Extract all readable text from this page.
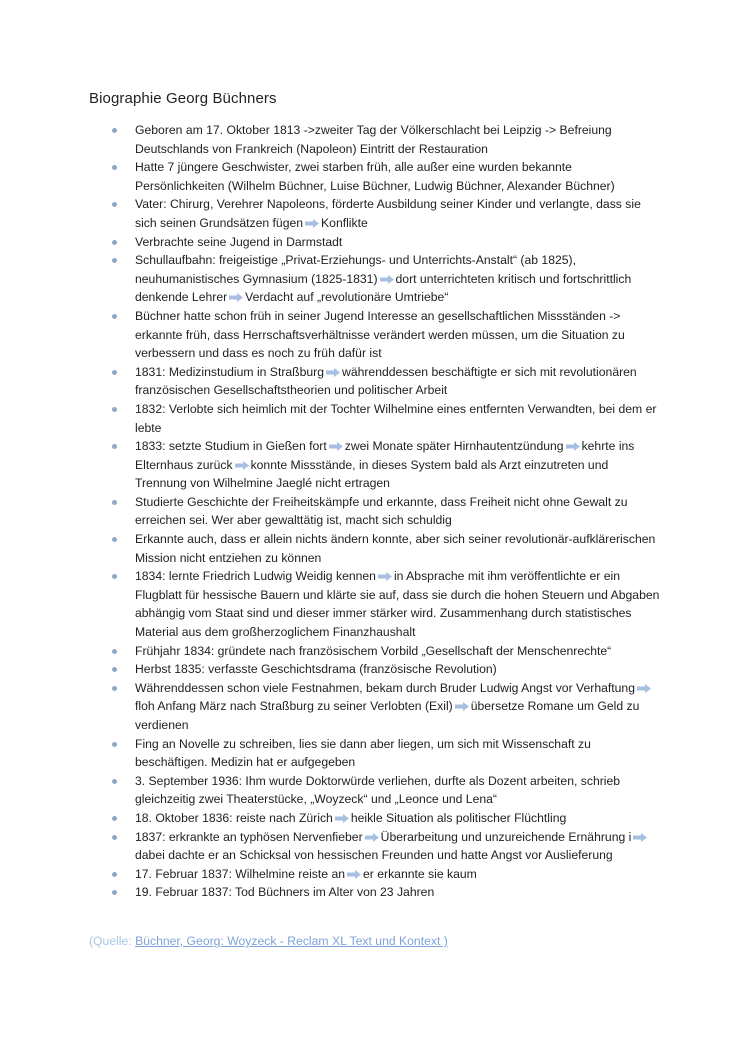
Biographie Georg Büchners
Geboren am 17. Oktober 1813 ->zweiter Tag der Völkerschlacht bei Leipzig -> Befreiung Deutschlands von Frankreich (Napoleon) Eintritt der Restauration
Hatte 7 jüngere Geschwister, zwei starben früh, alle außer eine wurden bekannte Persönlichkeiten (Wilhelm Büchner, Luise Büchner, Ludwig Büchner, Alexander Büchner)
Vater: Chirurg, Verehrer Napoleons, förderte Ausbildung seiner Kinder und verlangte, dass sie sich seinen Grundsätzen fügen Konflikte
Verbrachte seine Jugend in Darmstadt
Schullaufbahn: freigeistige „Privat-Erziehungs- und Unterrichts-Anstalt“ (ab 1825), neuhumanistisches Gymnasium (1825-1831) dort unterrichteten kritisch und fortschrittlich denkende Lehrer Verdacht auf „revolutionäre Umtriebe“
Büchner hatte schon früh in seiner Jugend Interesse an gesellschaftlichen Missständen -> erkannte früh, dass Herrschaftsverhältnisse verändert werden müssen, um die Situation zu verbessern und dass es noch zu früh dafür ist
1831: Medizinstudium in Straßburg währenddessen beschäftigte er sich mit revolutionären französischen Gesellschaftstheorien und politischer Arbeit
1832: Verlobte sich heimlich mit der Tochter Wilhelmine eines entfernten Verwandten, bei dem er lebte
1833: setzte Studium in Gießen fort zwei Monate später Hirnhautentzündung kehrte ins Elternhaus zurück konnte Missstände, in dieses System bald als Arzt einzutreten und Trennung von Wilhelmine Jaeglé nicht ertragen
Studierte Geschichte der Freiheitskämpfe und erkannte, dass Freiheit nicht ohne Gewalt zu erreichen sei. Wer aber gewalttätig ist, macht sich schuldig
Erkannte auch, dass er allein nichts ändern konnte, aber sich seiner revolutionär-aufklärerischen Mission nicht entziehen zu können
1834: lernte Friedrich Ludwig Weidig kennen in Absprache mit ihm veröffentlichte er ein Flugblatt für hessische Bauern und klärte sie auf, dass sie durch die hohen Steuern und Abgaben abhängig vom Staat sind und dieser immer stärker wird. Zusammenhang durch statistisches Material aus dem großherzoglichem Finanzhaushalt
Frühjahr 1834: gründete nach französischem Vorbild „Gesellschaft der Menschenrechte“
Herbst 1835: verfasste Geschichtsdrama (französische Revolution)
Währenddessen schon viele Festnahmen, bekam durch Bruder Ludwig Angst vor Verhaftungfloh Anfang März nach Straßburg zu seiner Verlobten (Exil) übersetze Romane um Geld zu verdienen
Fing an Novelle zu schreiben, lies sie dann aber liegen, um sich mit Wissenschaft zu beschäftigen. Medizin hat er aufgegeben
3. September 1936: Ihm wurde Doktorwürde verliehen, durfte als Dozent arbeiten, schrieb gleichzeitig zwei Theaterstücke, „Woyzeck“ und „Leonce und Lena“
18. Oktober 1836: reiste nach Zürich heikle Situation als politischer Flüchtling
1837: erkrankte an typhösen Nervenfieber Überarbeitung und unzureichende Ernährung idabei dachte er an Schicksal von hessischen Freunden und hatte Angst vor Auslieferung
17. Februar 1837: Wilhelmine reiste an er erkannte sie kaum
19. Februar 1837: Tod Büchners im Alter von 23 Jahren
(Quelle: Büchner, Georg: Woyzeck - Reclam XL Text und Kontext )
